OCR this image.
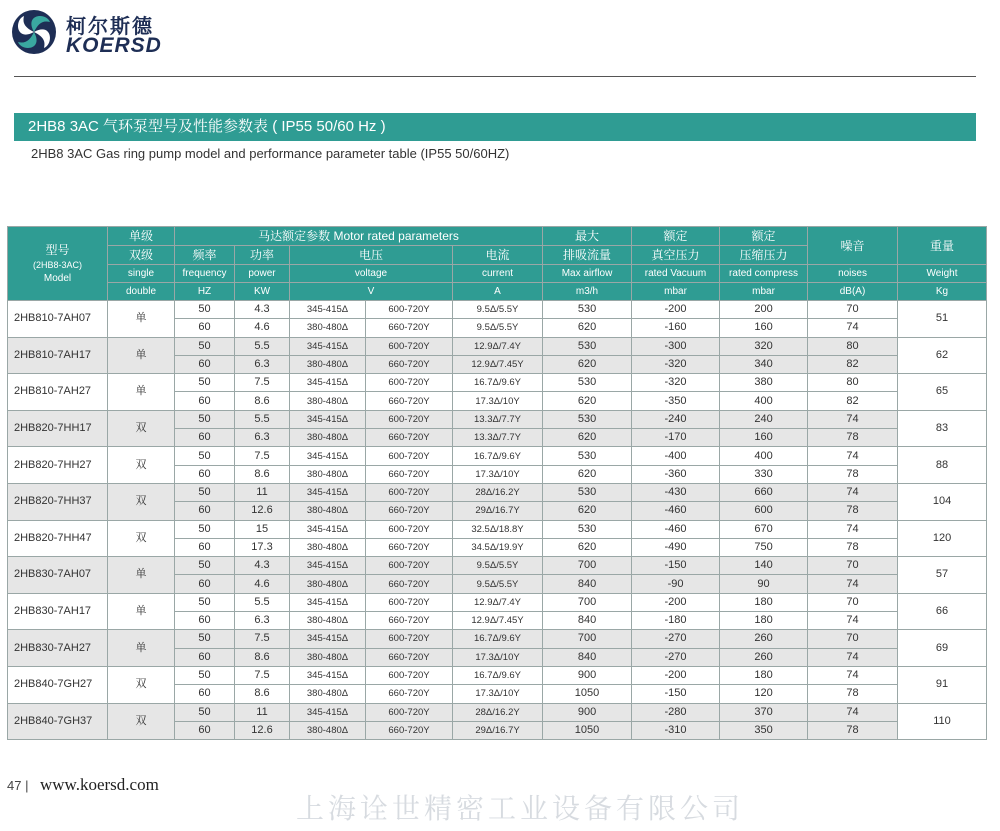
柯尔斯德
KOERSD
2HB8 3AC 气环泵型号及性能参数表 ( IP55 50/60 Hz )
2HB8 3AC Gas ring pump model and performance parameter table (IP55 50/60HZ)
型号
(2HB8-3AC)
Model	单级	马达额定参数 Motor rated parameters					最大	额定	额定	噪音	重量
	双级	频率	功率	电压		电流	排吸流量	真空压力	压缩压力		
	single	frequency	power	voltage		current	Max airflow	rated Vacuum	rated compress	noises	Weight
	double	HZ	KW	V		A	m3/h	mbar	mbar	dB(A)	Kg
2HB810-7AH07	单	50	4.3	345-415Δ	600-720Y	9.5Δ/5.5Y	530	-200	200	70	51
		60	4.6	380-480Δ	660-720Y	9.5Δ/5.5Y	620	-160	160	74	
2HB810-7AH17	单	50	5.5	345-415Δ	600-720Y	12.9Δ/7.4Y	530	-300	320	80	62
		60	6.3	380-480Δ	660-720Y	12.9Δ/7.45Y	620	-320	340	82	
2HB810-7AH27	单	50	7.5	345-415Δ	600-720Y	16.7Δ/9.6Y	530	-320	380	80	65
		60	8.6	380-480Δ	660-720Y	17.3Δ/10Y	620	-350	400	82	
2HB820-7HH17	双	50	5.5	345-415Δ	600-720Y	13.3Δ/7.7Y	530	-240	240	74	83
		60	6.3	380-480Δ	660-720Y	13.3Δ/7.7Y	620	-170	160	78	
2HB820-7HH27	双	50	7.5	345-415Δ	600-720Y	16.7Δ/9.6Y	530	-400	400	74	88
		60	8.6	380-480Δ	660-720Y	17.3Δ/10Y	620	-360	330	78	
2HB820-7HH37	双	50	11	345-415Δ	600-720Y	28Δ/16.2Y	530	-430	660	74	104
		60	12.6	380-480Δ	660-720Y	29Δ/16.7Y	620	-460	600	78	
2HB820-7HH47	双	50	15	345-415Δ	600-720Y	32.5Δ/18.8Y	530	-460	670	74	120
		60	17.3	380-480Δ	660-720Y	34.5Δ/19.9Y	620	-490	750	78	
2HB830-7AH07	单	50	4.3	345-415Δ	600-720Y	9.5Δ/5.5Y	700	-150	140	70	57
		60	4.6	380-480Δ	660-720Y	9.5Δ/5.5Y	840	-90	90	74	
2HB830-7AH17	单	50	5.5	345-415Δ	600-720Y	12.9Δ/7.4Y	700	-200	180	70	66
		60	6.3	380-480Δ	660-720Y	12.9Δ/7.45Y	840	-180	180	74	
2HB830-7AH27	单	50	7.5	345-415Δ	600-720Y	16.7Δ/9.6Y	700	-270	260	70	69
		60	8.6	380-480Δ	660-720Y	17.3Δ/10Y	840	-270	260	74	
2HB840-7GH27	双	50	7.5	345-415Δ	600-720Y	16.7Δ/9.6Y	900	-200	180	74	91
		60	8.6	380-480Δ	660-720Y	17.3Δ/10Y	1050	-150	120	78	
2HB840-7GH37	双	50	11	345-415Δ	600-720Y	28Δ/16.2Y	900	-280	370	74	110
		60	12.6	380-480Δ	660-720Y	29Δ/16.7Y	1050	-310	350	78	
47 | www.koersd.com
上海诠世精密工业设备有限公司
